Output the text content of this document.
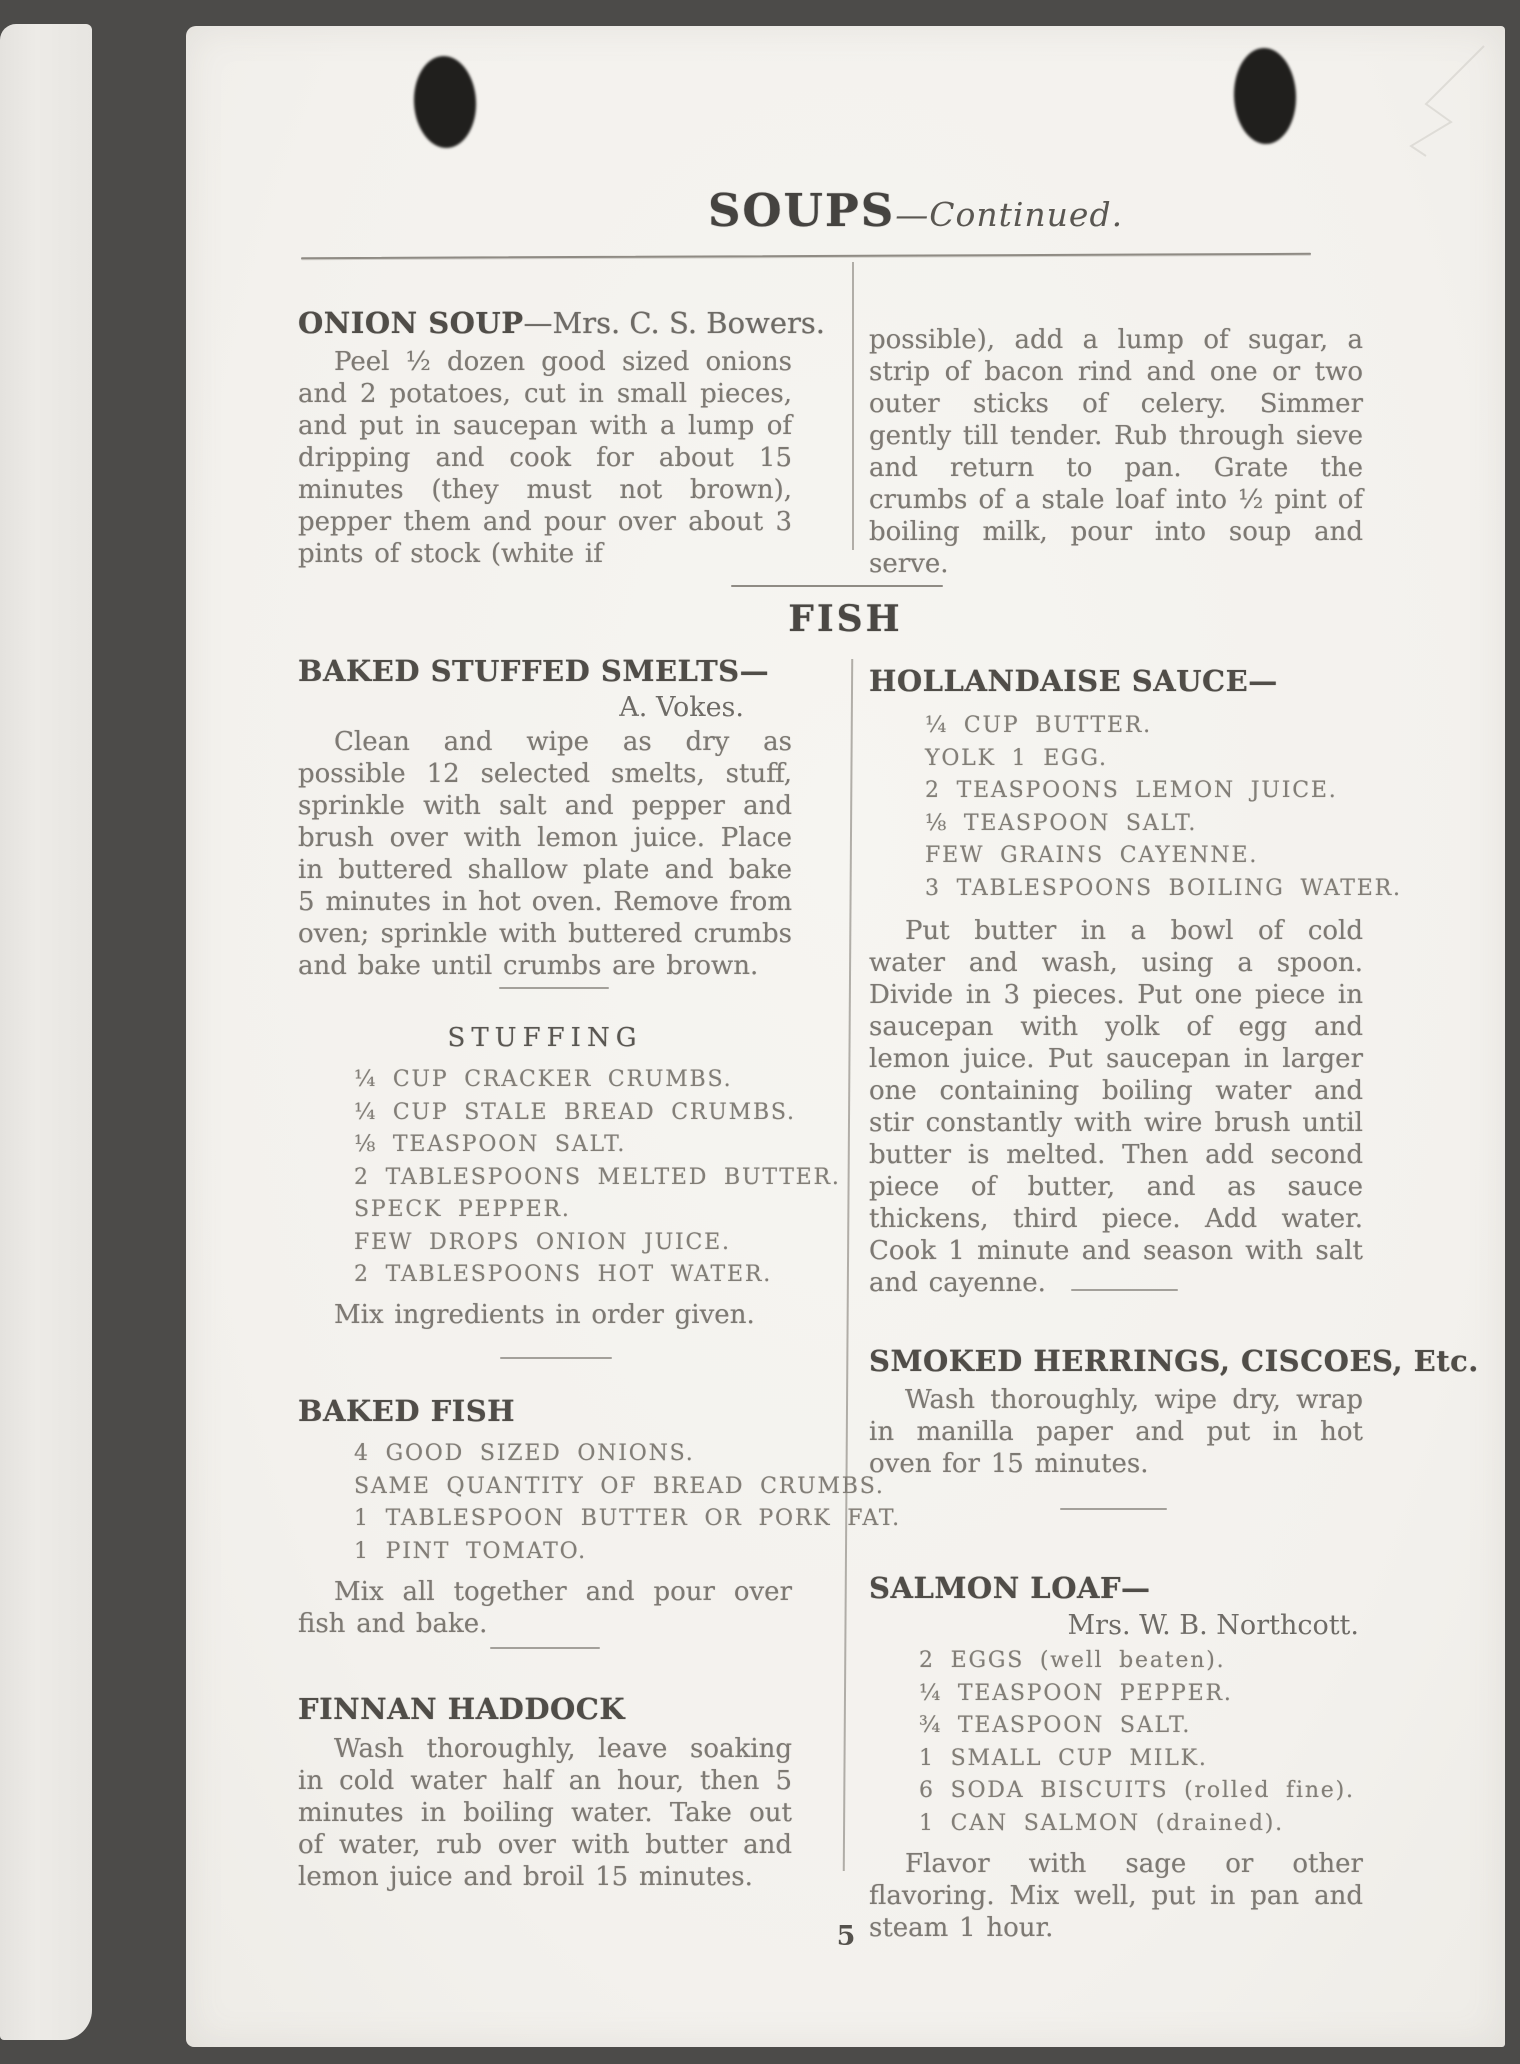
SOUPS—Continued.
ONION SOUP—Mrs. C. S. Bowers.
Peel ½ dozen good sized onions and 2 potatoes, cut in small pieces, and put in saucepan with a lump of dripping and cook for about 15 minutes (they must not brown), pepper them and pour over about 3 pints of stock (white if
possible), add a lump of sugar, a strip of bacon rind and one or two outer sticks of celery. Simmer gently till tender. Rub through sieve and return to pan. Grate the crumbs of a stale loaf into ½ pint of boiling milk, pour into soup and serve.
FISH
BAKED STUFFED SMELTS—
A. Vokes.
Clean and wipe as dry as possible 12 selected smelts, stuff, sprinkle with salt and pepper and brush over with lemon juice. Place in buttered shallow plate and bake 5 minutes in hot oven. Remove from oven; sprinkle with buttered crumbs and bake until crumbs are brown.
STUFFING
¼ CUP CRACKER CRUMBS.
¼ CUP STALE BREAD CRUMBS.
⅛ TEASPOON SALT.
2 TABLESPOONS MELTED BUTTER.
SPECK PEPPER.
FEW DROPS ONION JUICE.
2 TABLESPOONS HOT WATER.
Mix ingredients in order given.
BAKED FISH
4 GOOD SIZED ONIONS.
SAME QUANTITY OF BREAD CRUMBS.
1 TABLESPOON BUTTER OR PORK FAT.
1 PINT TOMATO.
Mix all together and pour over fish and bake.
FINNAN HADDOCK
Wash thoroughly, leave soaking in cold water half an hour, then 5 minutes in boiling water. Take out of water, rub over with butter and lemon juice and broil 15 minutes.
HOLLANDAISE SAUCE—
¼ CUP BUTTER.
YOLK 1 EGG.
2 TEASPOONS LEMON JUICE.
⅛ TEASPOON SALT.
FEW GRAINS CAYENNE.
3 TABLESPOONS BOILING WATER.
Put butter in a bowl of cold water and wash, using a spoon. Divide in 3 pieces. Put one piece in saucepan with yolk of egg and lemon juice. Put saucepan in larger one containing boiling water and stir constantly with wire brush until butter is melted. Then add second piece of butter, and as sauce thickens, third piece. Add water. Cook 1 minute and season with salt and cayenne.
SMOKED HERRINGS, CISCOES, Etc.
Wash thoroughly, wipe dry, wrap in manilla paper and put in hot oven for 15 minutes.
SALMON LOAF—
Mrs. W. B. Northcott.
2 EGGS (well beaten).
¼ TEASPOON PEPPER.
¾ TEASPOON SALT.
1 SMALL CUP MILK.
6 SODA BISCUITS (rolled fine).
1 CAN SALMON (drained).
Flavor with sage or other flavoring. Mix well, put in pan and steam 1 hour.
5
